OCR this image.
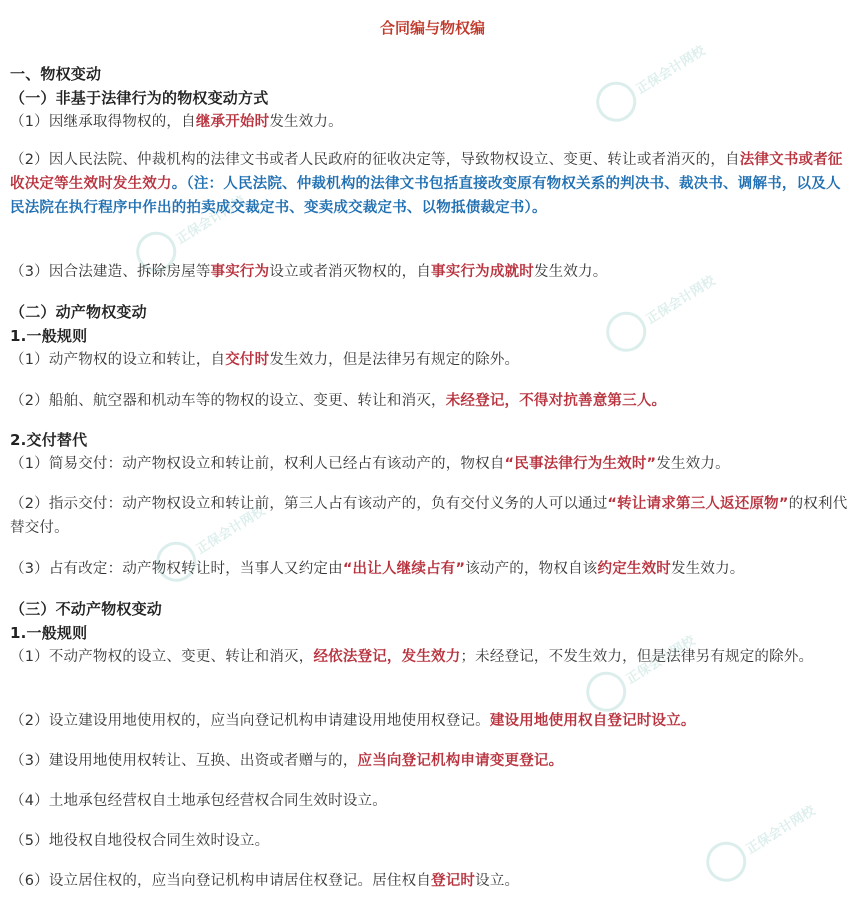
正保会计网校
正保会计网校
正保会计网校
正保会计网校
正保会计网校
正保会计网校
合同编与物权编
一、物权变动
（一）非基于法律行为的物权变动方式
（1）因继承取得物权的，自继承开始时发生效力。
（2）因人民法院、仲裁机构的法律文书或者人民政府的征收决定等，导致物权设立、变更、转让或者消灭的，自法律文书或者征收决定等生效时发生效力。（注：人民法院、仲裁机构的法律文书包括直接改变原有物权关系的判决书、裁决书、调解书，以及人民法院在执行程序中作出的拍卖成交裁定书、变卖成交裁定书、以物抵债裁定书）。
（3）因合法建造、拆除房屋等事实行为设立或者消灭物权的，自事实行为成就时发生效力。
（二）动产物权变动
1.一般规则
（1）动产物权的设立和转让，自交付时发生效力，但是法律另有规定的除外。
（2）船舶、航空器和机动车等的物权的设立、变更、转让和消灭，未经登记，不得对抗善意第三人。
2.交付替代
（1）简易交付：动产物权设立和转让前，权利人已经占有该动产的，物权自“民事法律行为生效时”发生效力。
（2）指示交付：动产物权设立和转让前，第三人占有该动产的，负有交付义务的人可以通过“转让请求第三人返还原物”的权利代替交付。
（3）占有改定：动产物权转让时，当事人又约定由“出让人继续占有”该动产的，物权自该约定生效时发生效力。
（三）不动产物权变动
1.一般规则
（1）不动产物权的设立、变更、转让和消灭，经依法登记，发生效力；未经登记，不发生效力，但是法律另有规定的除外。
（2）设立建设用地使用权的，应当向登记机构申请建设用地使用权登记。建设用地使用权自登记时设立。
（3）建设用地使用权转让、互换、出资或者赠与的，应当向登记机构申请变更登记。
（4）土地承包经营权自土地承包经营权合同生效时设立。
（5）地役权自地役权合同生效时设立。
（6）设立居住权的，应当向登记机构申请居住权登记。居住权自登记时设立。
